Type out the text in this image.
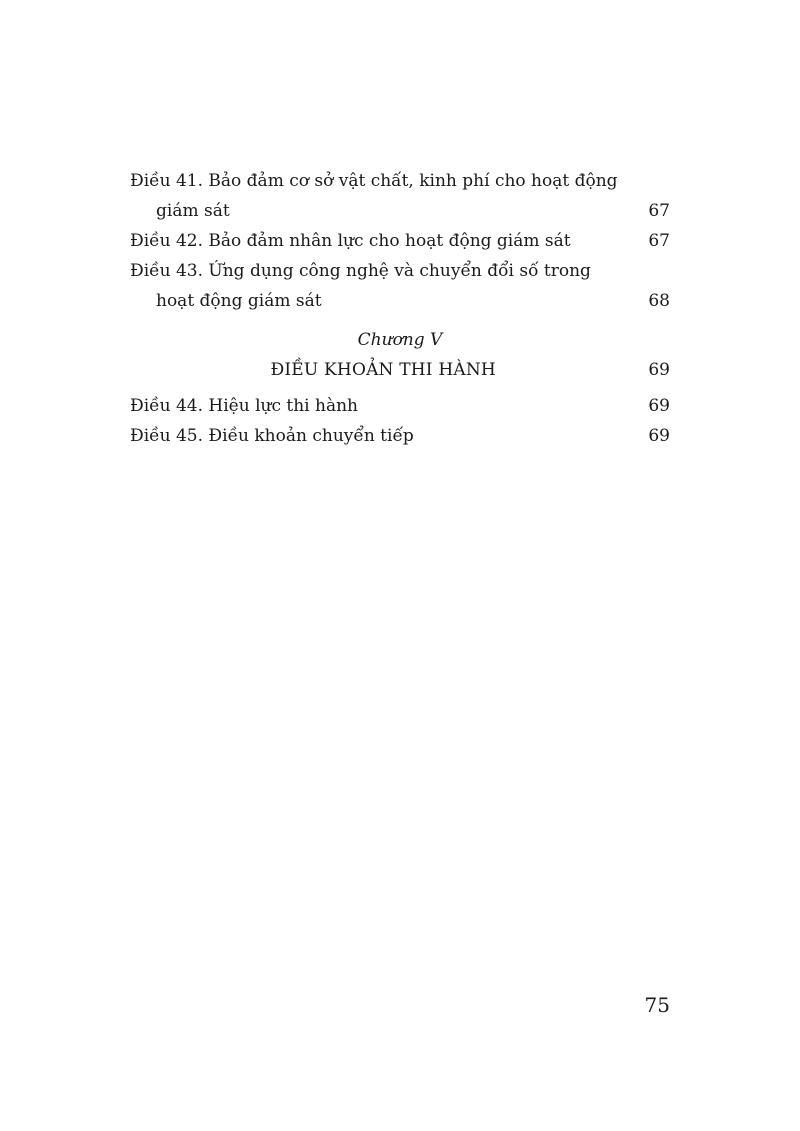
Điều 41. Bảo đảm cơ sở vật chất, kinh phí cho hoạt động
giám sát	67
Điều 42. Bảo đảm nhân lực cho hoạt động giám sát	67
Điều 43. Ứng dụng công nghệ và chuyển đổi số trong
hoạt động giám sát	68
Chương V
ĐIỀU KHOẢN THI HÀNH	69
Điều 44. Hiệu lực thi hành	69
Điều 45. Điều khoản chuyển tiếp	69
75
